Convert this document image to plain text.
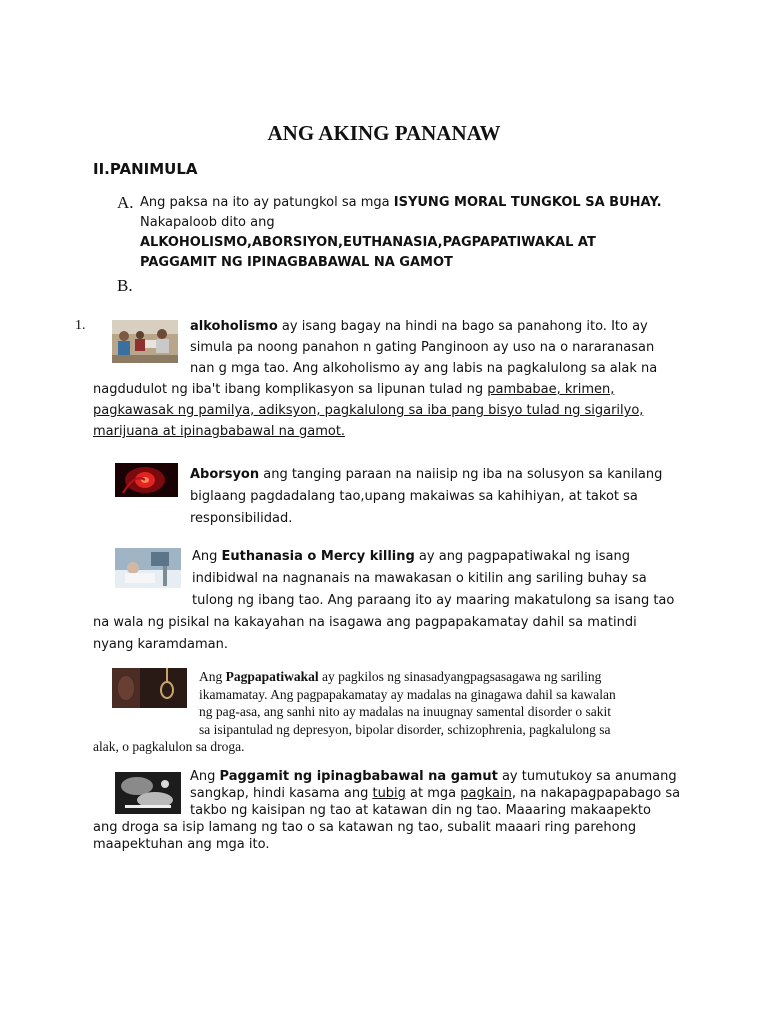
ANG AKING PANANAW
II.PANIMULA
A. Ang paksa na ito ay patungkol sa mga ISYUNG MORAL TUNGKOL SA BUHAY.
Nakapaloob dito ang
ALKOHOLISMO,ABORSIYON,EUTHANASIA,PAGPAPATIWAKAL AT
PAGGAMIT NG IPINAGBABAWAL NA GAMOT
B.
1.	alkoholismo ay isang bagay na hindi na bago sa panahong ito. Ito ay
simula pa noong panahon n gating Panginoon ay uso na o nararanasan
nan g mga tao. Ang alkoholismo ay ang labis na pagkalulong sa alak na
nagdudulot ng iba't ibang komplikasyon sa lipunan tulad ng pambabae, krimen,
pagkawasak ng pamilya, adiksyon, pagkalulong sa iba pang bisyo tulad ng sigarilyo,
marijuana at ipinagbabawal na gamot.
Aborsyon ang tanging paraan na naiisip ng iba na solusyon sa kanilang
biglaang pagdadalang tao,upang makaiwas sa kahihiyan, at takot sa
responsibilidad.
Ang Euthanasia o Mercy killing ay ang pagpapatiwakal ng isang
indibidwal na nagnanais na mawakasan o kitilin ang sariling buhay sa
tulong ng ibang tao. Ang paraang ito ay maaring makatulong sa isang tao
na wala ng pisikal na kakayahan na isagawa ang pagpapakamatay dahil sa matindi
nyang karamdaman.
Ang Pagpapatiwakal ay pagkilos ng sinasadyangpagsasagawa ng sariling
ikamamatay. Ang pagpapakamatay ay madalas na ginagawa dahil sa kawalan
ng pag-asa, ang sanhi nito ay madalas na inuugnay samental disorder o sakit
sa isipantulad ng depresyon, bipolar disorder, schizophrenia, pagkalulong sa
alak, o pagkalulon sa droga.
Ang Paggamit ng ipinagbabawal na gamut ay tumutukoy sa anumang
sangkap, hindi kasama ang tubig at mga pagkain, na nakapagpapabago sa
takbo ng kaisipan ng tao at katawan din ng tao. Maaaring makaapekto
ang droga sa isip lamang ng tao o sa katawan ng tao, subalit maaari ring parehong
maapektuhan ang mga ito.
